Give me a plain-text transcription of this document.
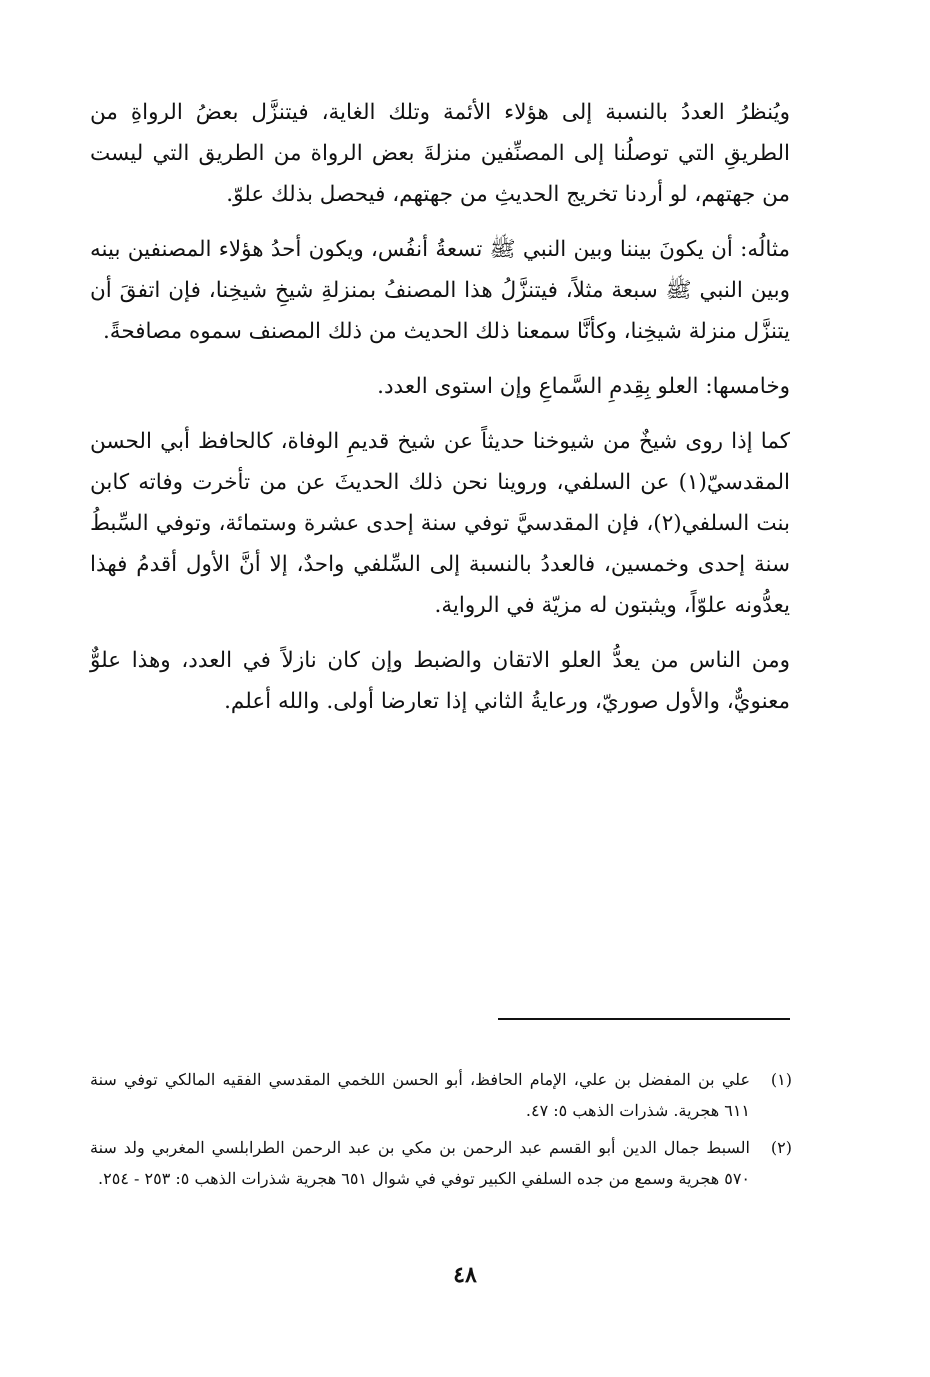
ويُنظرُ العددُ بالنسبة إلى هؤلاء الأئمة وتلك الغاية، فيتنزَّل بعضُ الرواةِ من الطريقِ التي توصلُنا إلى المصنِّفين منزلةَ بعض الرواة من الطريق التي ليست من جهتهم، لو أردنا تخريج الحديثِ من جهتهم، فيحصل بذلك علوّ.

مثالُه: أن يكونَ بيننا وبين النبي ﷺ تسعةُ أنفُس، ويكون أحدُ هؤلاء المصنفين بينه وبين النبي ﷺ سبعة مثلاً، فيتنزَّلُ هذا المصنفُ بمنزلةِ شيخِ شيخِنا، فإن اتفقَ أن يتنزَّل منزلة شيخِنا، وكأنَّا سمعنا ذلك الحديث من ذلك المصنف سموه مصافحةً.

وخامسها: العلو بِقِدمِ السَّماعِ وإن استوى العدد.

كما إذا روى شيخٌ من شيوخنا حديثاً عن شيخ قديمِ الوفاة، كالحافظ أبي الحسن المقدسيّ(١) عن السلفي، وروينا نحن ذلك الحديثَ عن من تأخرت وفاته كابن بنت السلفي(٢)، فإن المقدسيَّ توفي سنة إحدى عشرة وستمائة، وتوفي السِّبطُ سنة إحدى وخمسين، فالعددُ بالنسبة إلى السِّلفي واحدٌ، إلا أنَّ الأول أقدمُ فهذا يعدُّونه علوّاً، ويثبتون له مزيّة في الرواية.

ومن الناس من يعدُّ العلو الاتقان والضبط وإن كان نازلاً في العدد، وهذا علوٌّ معنويٌّ، والأول صوريّ، ورعايةُ الثاني إذا تعارضا أولى. والله أعلم.

(١)
علي بن المفضل بن علي، الإمام الحافظ، أبو الحسن اللخمي المقدسي الفقيه المالكي توفي سنة ٦١١ هجرية. شذرات الذهب ٥: ٤٧.
(٢)
السبط جمال الدين أبو القسم عبد الرحمن بن مكي بن عبد الرحمن الطرابلسي المغربي ولد سنة ٥٧٠ هجرية وسمع من جده السلفي الكبير توفي في شوال ٦٥١ هجرية شذرات الذهب ٥: ٢٥٣ - ٢٥٤.
٤٨
